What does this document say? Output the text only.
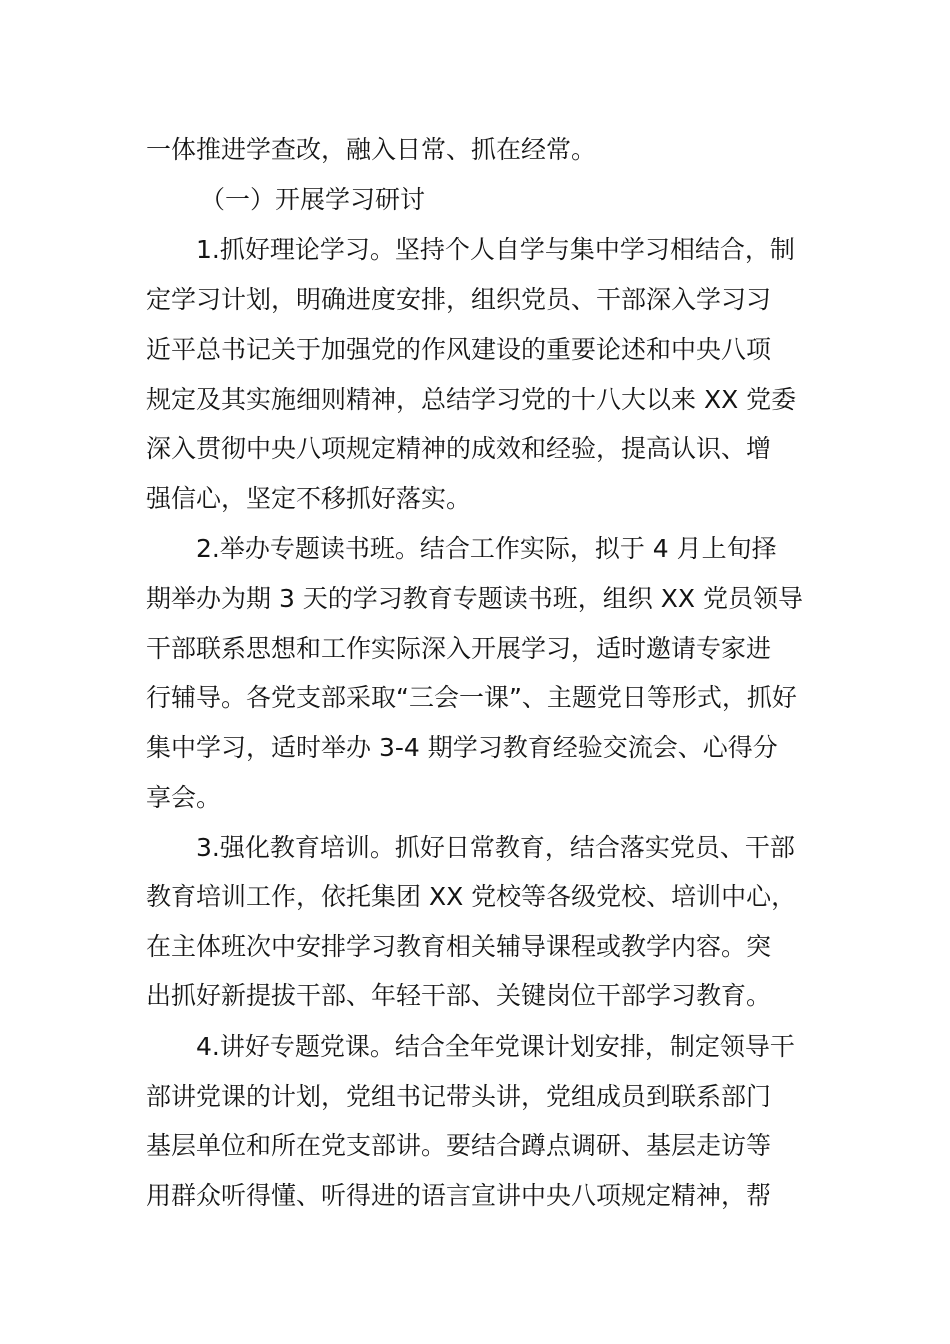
一体推进学查改，融入日常、抓在经常。
（一）开展学习研讨
1.抓好理论学习。坚持个人自学与集中学习相结合，制
定学习计划，明确进度安排，组织党员、干部深入学习习
近平总书记关于加强党的作风建设的重要论述和中央八项
规定及其实施细则精神，总结学习党的十八大以来 XX 党委
深入贯彻中央八项规定精神的成效和经验，提高认识、增
强信心，坚定不移抓好落实。
2.举办专题读书班。结合工作实际，拟于 4 月上旬择
期举办为期 3 天的学习教育专题读书班，组织 XX 党员领导
干部联系思想和工作实际深入开展学习，适时邀请专家进
行辅导。各党支部采取“三会一课”、主题党日等形式，抓好
集中学习，适时举办 3-4 期学习教育经验交流会、心得分
享会。
3.强化教育培训。抓好日常教育，结合落实党员、干部
教育培训工作，依托集团 XX 党校等各级党校、培训中心，
在主体班次中安排学习教育相关辅导课程或教学内容。突
出抓好新提拔干部、年轻干部、关键岗位干部学习教育。
4.讲好专题党课。结合全年党课计划安排，制定领导干
部讲党课的计划，党组书记带头讲，党组成员到联系部门
基层单位和所在党支部讲。要结合蹲点调研、基层走访等
用群众听得懂、听得进的语言宣讲中央八项规定精神，帮
